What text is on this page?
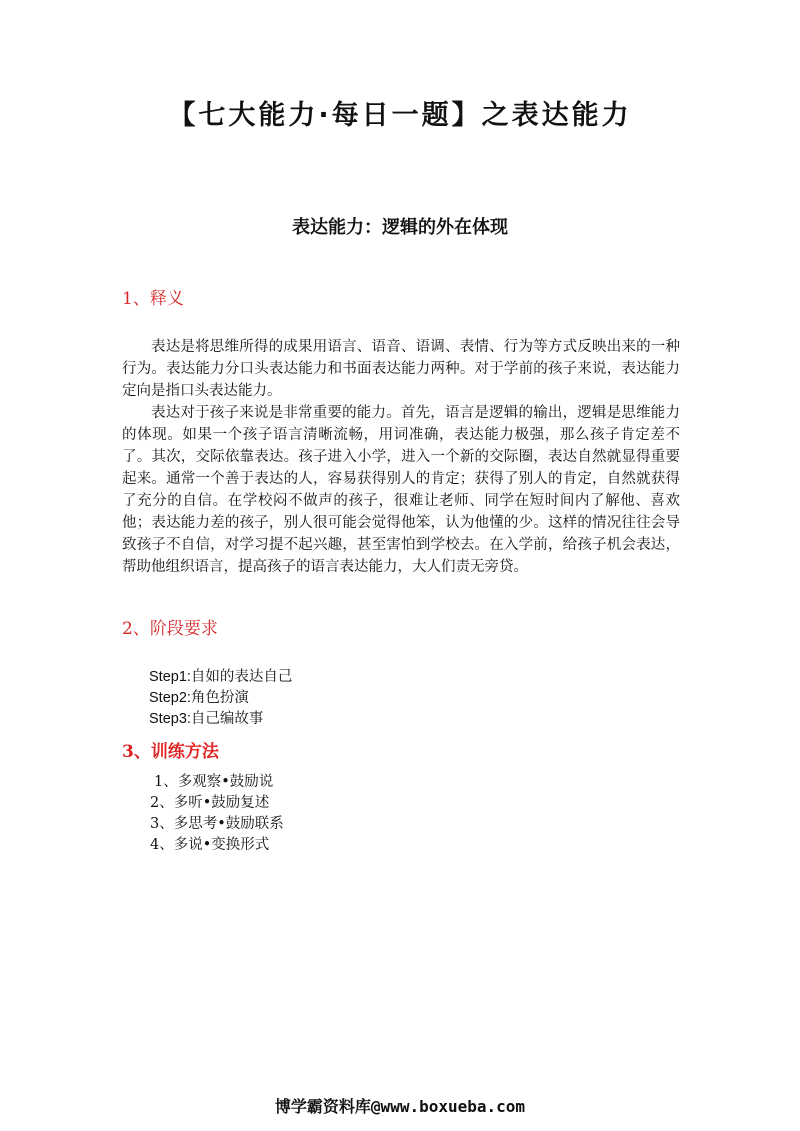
【七大能力·每日一题】之表达能力
表达能力：逻辑的外在体现
1、释义

表达是将思维所得的成果用语言、语音、语调、表情、行为等方式反映出来的一种行为。表达能力分口头表达能力和书面表达能力两种。对于学前的孩子来说，表达能力定向是指口头表达能力。

表达对于孩子来说是非常重要的能力。首先，语言是逻辑的输出，逻辑是思维能力的体现。如果一个孩子语言清晰流畅，用词准确，表达能力极强，那么孩子肯定差不了。其次，交际依靠表达。孩子进入小学，进入一个新的交际圈，表达自然就显得重要起来。通常一个善于表达的人，容易获得别人的肯定；获得了别人的肯定，自然就获得了充分的自信。在学校闷不做声的孩子，很难让老师、同学在短时间内了解他、喜欢他；表达能力差的孩子，别人很可能会觉得他笨，认为他懂的少。这样的情况往往会导致孩子不自信，对学习提不起兴趣，甚至害怕到学校去。在入学前，给孩子机会表达，帮助他组织语言，提高孩子的语言表达能力，大人们责无旁贷。

2、阶段要求
Step1:自如的表达自己
Step2:角色扮演
Step3:自己编故事
3、训练方法
1、多观察•鼓励说
2、多听•鼓励复述
3、多思考•鼓励联系
4、多说•变换形式

博学霸资料库@www.boxueba.com
